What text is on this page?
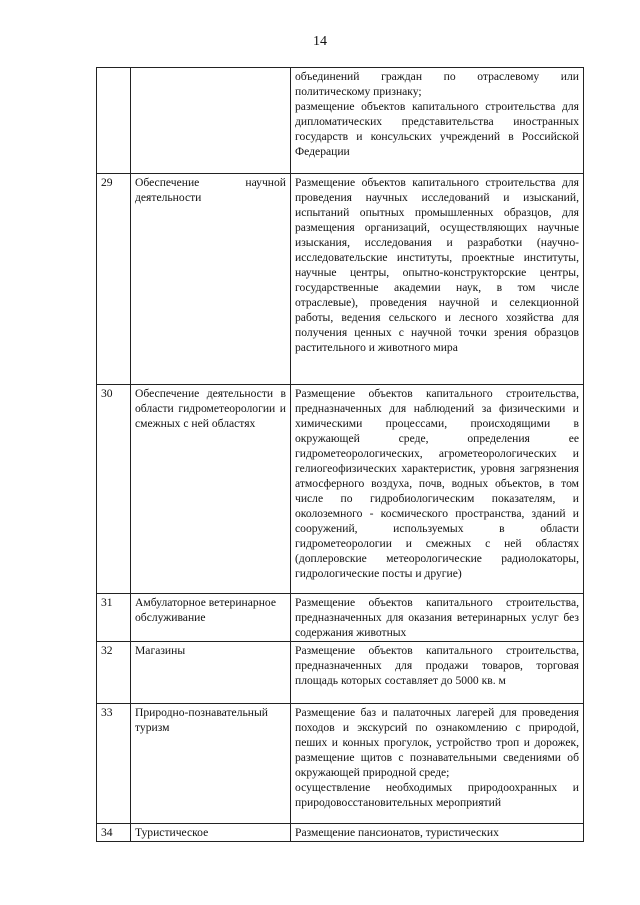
14

		объединений граждан по отраслевому или политическому признаку;
размещение объектов капитального строительства для дипломатических представительства иностранных государств и консульских учреждений в Российской Федерации

29	Обеспечение научной деятельности	Размещение объектов капитального строительства для проведения научных исследований и изысканий, испытаний опытных промышленных образцов, для размещения организаций, осуществляющих научные изыскания, исследования и разработки (научно-исследовательские институты, проектные институты, научные центры, опытно-конструкторские центры, государственные академии наук, в том числе отраслевые), проведения научной и селекционной работы, ведения сельского и лесного хозяйства для получения ценных с научной точки зрения образцов растительного и животного мира

30	Обеспечение деятельности в области гидрометеорологии и смежных с ней областях	Размещение объектов капитального строительства, предназначенных для наблюдений за физическими и химическими процессами, происходящими в окружающей среде, определения ее гидрометеорологических, агрометеорологических и гелиогеофизических характеристик, уровня загрязнения атмосферного воздуха, почв, водных объектов, в том числе по гидробиологическим показателям, и околоземного - космического пространства, зданий и сооружений, используемых в области гидрометеорологии и смежных с ней областях (доплеровские метеорологические радиолокаторы, гидрологические посты и другие)

31	Амбулаторное ветеринарное обслуживание	Размещение объектов капитального строительства, предназначенных для оказания ветеринарных услуг без содержания животных

32	Магазины	Размещение объектов капитального строительства, предназначенных для продажи товаров, торговая площадь которых составляет до 5000 кв. м

33	Природно-познавательный туризм	Размещение баз и палаточных лагерей для проведения походов и экскурсий по ознакомлению с природой, пеших и конных прогулок, устройство троп и дорожек, размещение щитов с познавательными сведениями об окружающей природной среде;
осуществление необходимых природоохранных и природовосстановительных мероприятий

34	Туристическое	Размещение пансионатов, туристических
